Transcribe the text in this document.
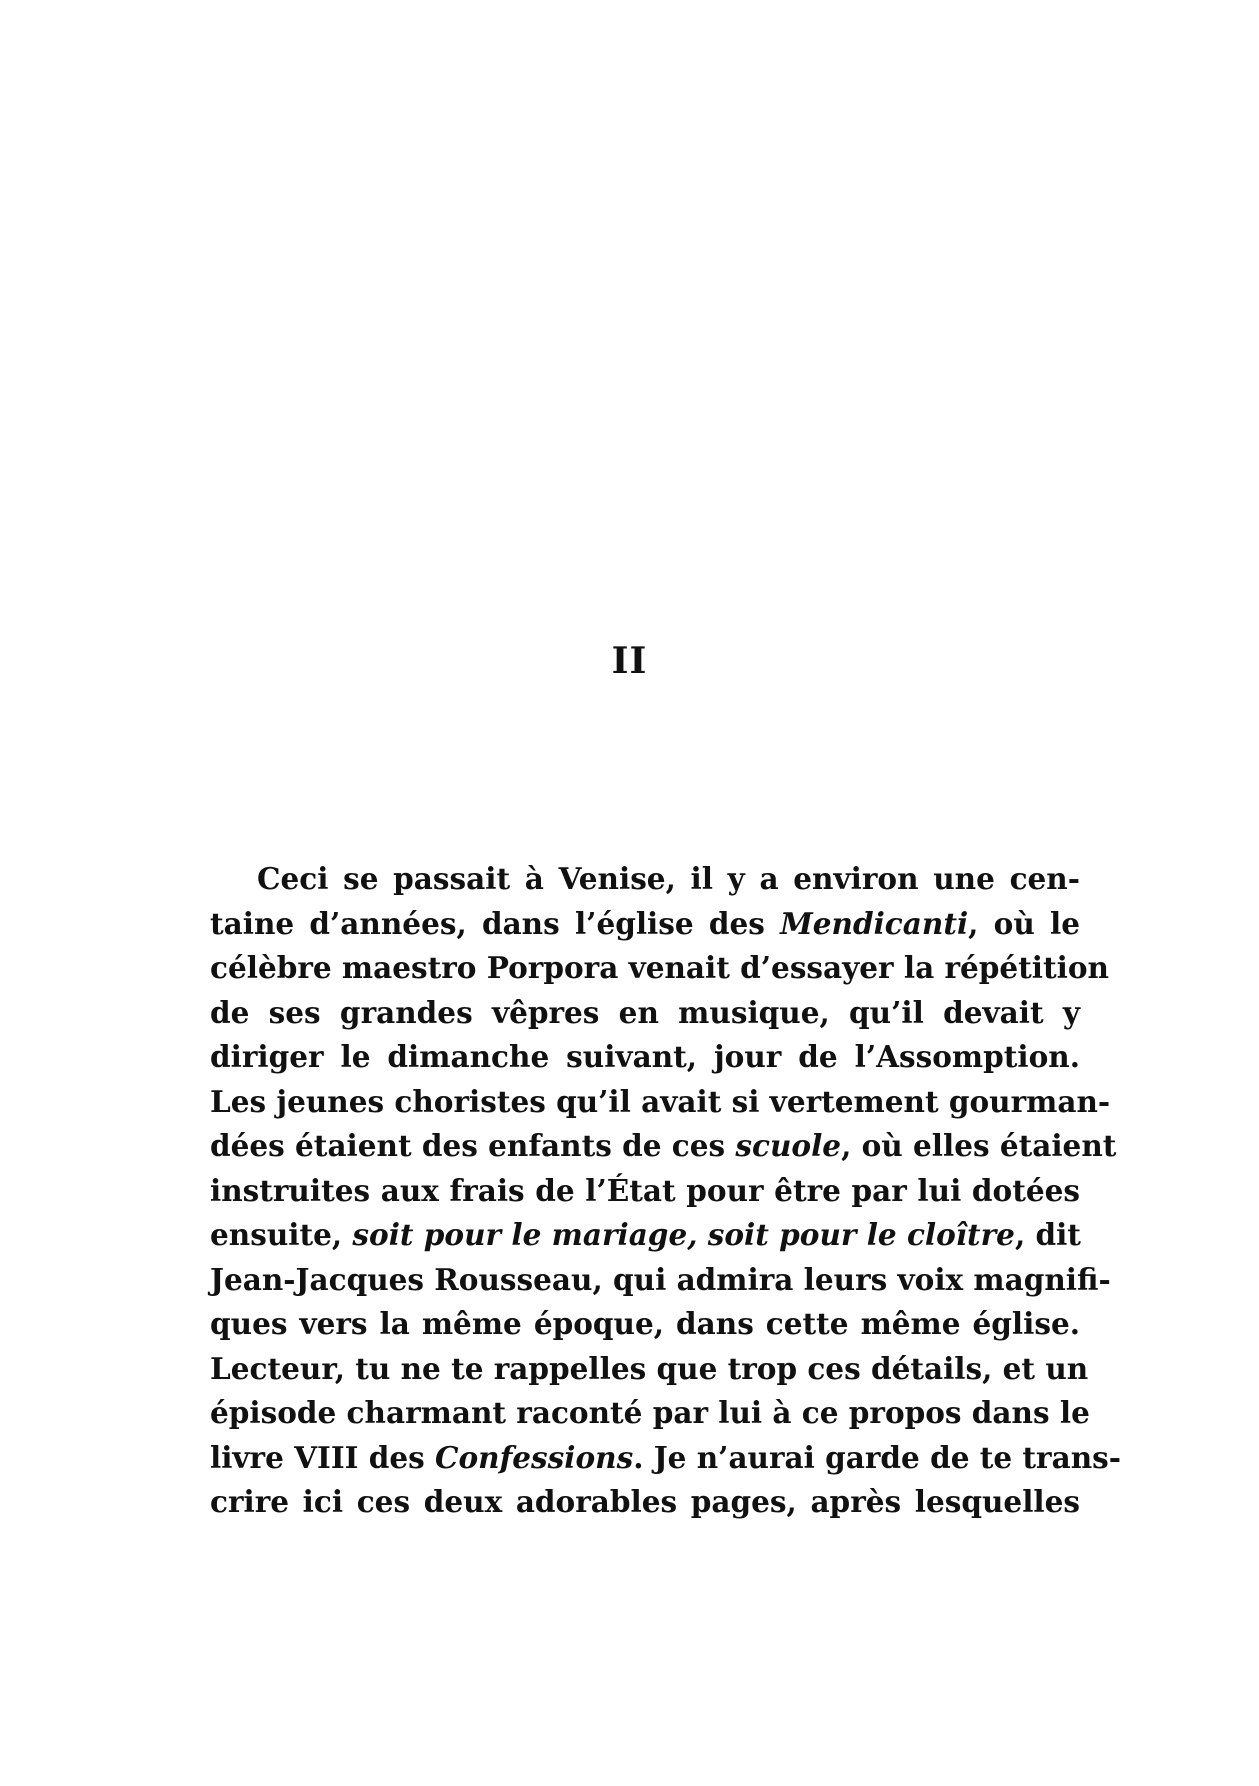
II
Ceci se passait à Venise, il y a environ une cen-
taine d’années, dans l’église des Mendicanti, où le
célèbre maestro Porpora venait d’essayer la répétition
de ses grandes vêpres en musique, qu’il devait y
diriger le dimanche suivant, jour de l’Assomption.
Les jeunes choristes qu’il avait si vertement gourman-
dées étaient des enfants de ces scuole, où elles étaient
instruites aux frais de l’État pour être par lui dotées
ensuite, soit pour le mariage, soit pour le cloître, dit
Jean-Jacques Rousseau, qui admira leurs voix magnifi-
ques vers la même époque, dans cette même église.
Lecteur, tu ne te rappelles que trop ces détails, et un
épisode charmant raconté par lui à ce propos dans le
livre VIII des Confessions. Je n’aurai garde de te trans-
crire ici ces deux adorables pages, après lesquelles
